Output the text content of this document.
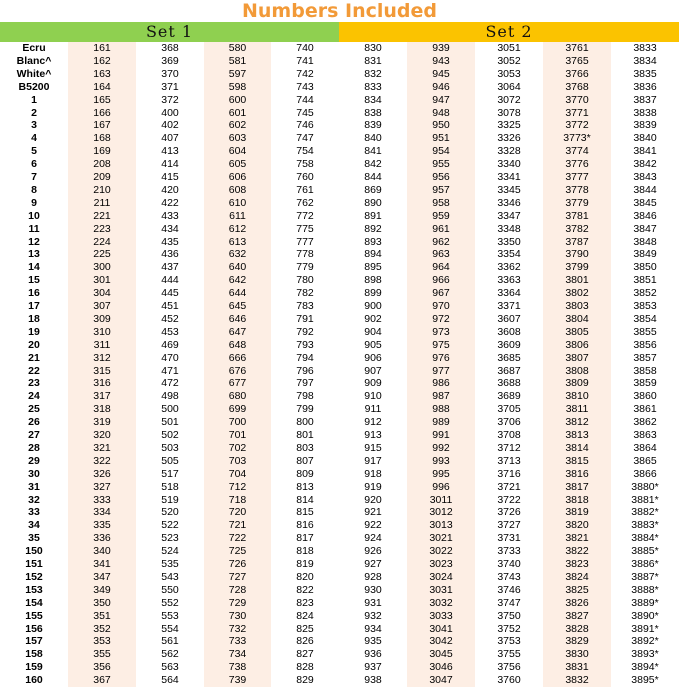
Numbers Included
Set 1	Set 2
Ecru	161	368	580	740	830	939	3051	3761	3833
Blanc^	162	369	581	741	831	943	3052	3765	3834
White^	163	370	597	742	832	945	3053	3766	3835
B5200	164	371	598	743	833	946	3064	3768	3836
1	165	372	600	744	834	947	3072	3770	3837
2	166	400	601	745	838	948	3078	3771	3838
3	167	402	602	746	839	950	3325	3772	3839
4	168	407	603	747	840	951	3326	3773*	3840
5	169	413	604	754	841	954	3328	3774	3841
6	208	414	605	758	842	955	3340	3776	3842
7	209	415	606	760	844	956	3341	3777	3843
8	210	420	608	761	869	957	3345	3778	3844
9	211	422	610	762	890	958	3346	3779	3845
10	221	433	611	772	891	959	3347	3781	3846
11	223	434	612	775	892	961	3348	3782	3847
12	224	435	613	777	893	962	3350	3787	3848
13	225	436	632	778	894	963	3354	3790	3849
14	300	437	640	779	895	964	3362	3799	3850
15	301	444	642	780	898	966	3363	3801	3851
16	304	445	644	782	899	967	3364	3802	3852
17	307	451	645	783	900	970	3371	3803	3853
18	309	452	646	791	902	972	3607	3804	3854
19	310	453	647	792	904	973	3608	3805	3855
20	311	469	648	793	905	975	3609	3806	3856
21	312	470	666	794	906	976	3685	3807	3857
22	315	471	676	796	907	977	3687	3808	3858
23	316	472	677	797	909	986	3688	3809	3859
24	317	498	680	798	910	987	3689	3810	3860
25	318	500	699	799	911	988	3705	3811	3861
26	319	501	700	800	912	989	3706	3812	3862
27	320	502	701	801	913	991	3708	3813	3863
28	321	503	702	803	915	992	3712	3814	3864
29	322	505	703	807	917	993	3713	3815	3865
30	326	517	704	809	918	995	3716	3816	3866
31	327	518	712	813	919	996	3721	3817	3880*
32	333	519	718	814	920	3011	3722	3818	3881*
33	334	520	720	815	921	3012	3726	3819	3882*
34	335	522	721	816	922	3013	3727	3820	3883*
35	336	523	722	817	924	3021	3731	3821	3884*
150	340	524	725	818	926	3022	3733	3822	3885*
151	341	535	726	819	927	3023	3740	3823	3886*
152	347	543	727	820	928	3024	3743	3824	3887*
153	349	550	728	822	930	3031	3746	3825	3888*
154	350	552	729	823	931	3032	3747	3826	3889*
155	351	553	730	824	932	3033	3750	3827	3890*
156	352	554	732	825	934	3041	3752	3828	3891*
157	353	561	733	826	935	3042	3753	3829	3892*
158	355	562	734	827	936	3045	3755	3830	3893*
159	356	563	738	828	937	3046	3756	3831	3894*
160	367	564	739	829	938	3047	3760	3832	3895*
